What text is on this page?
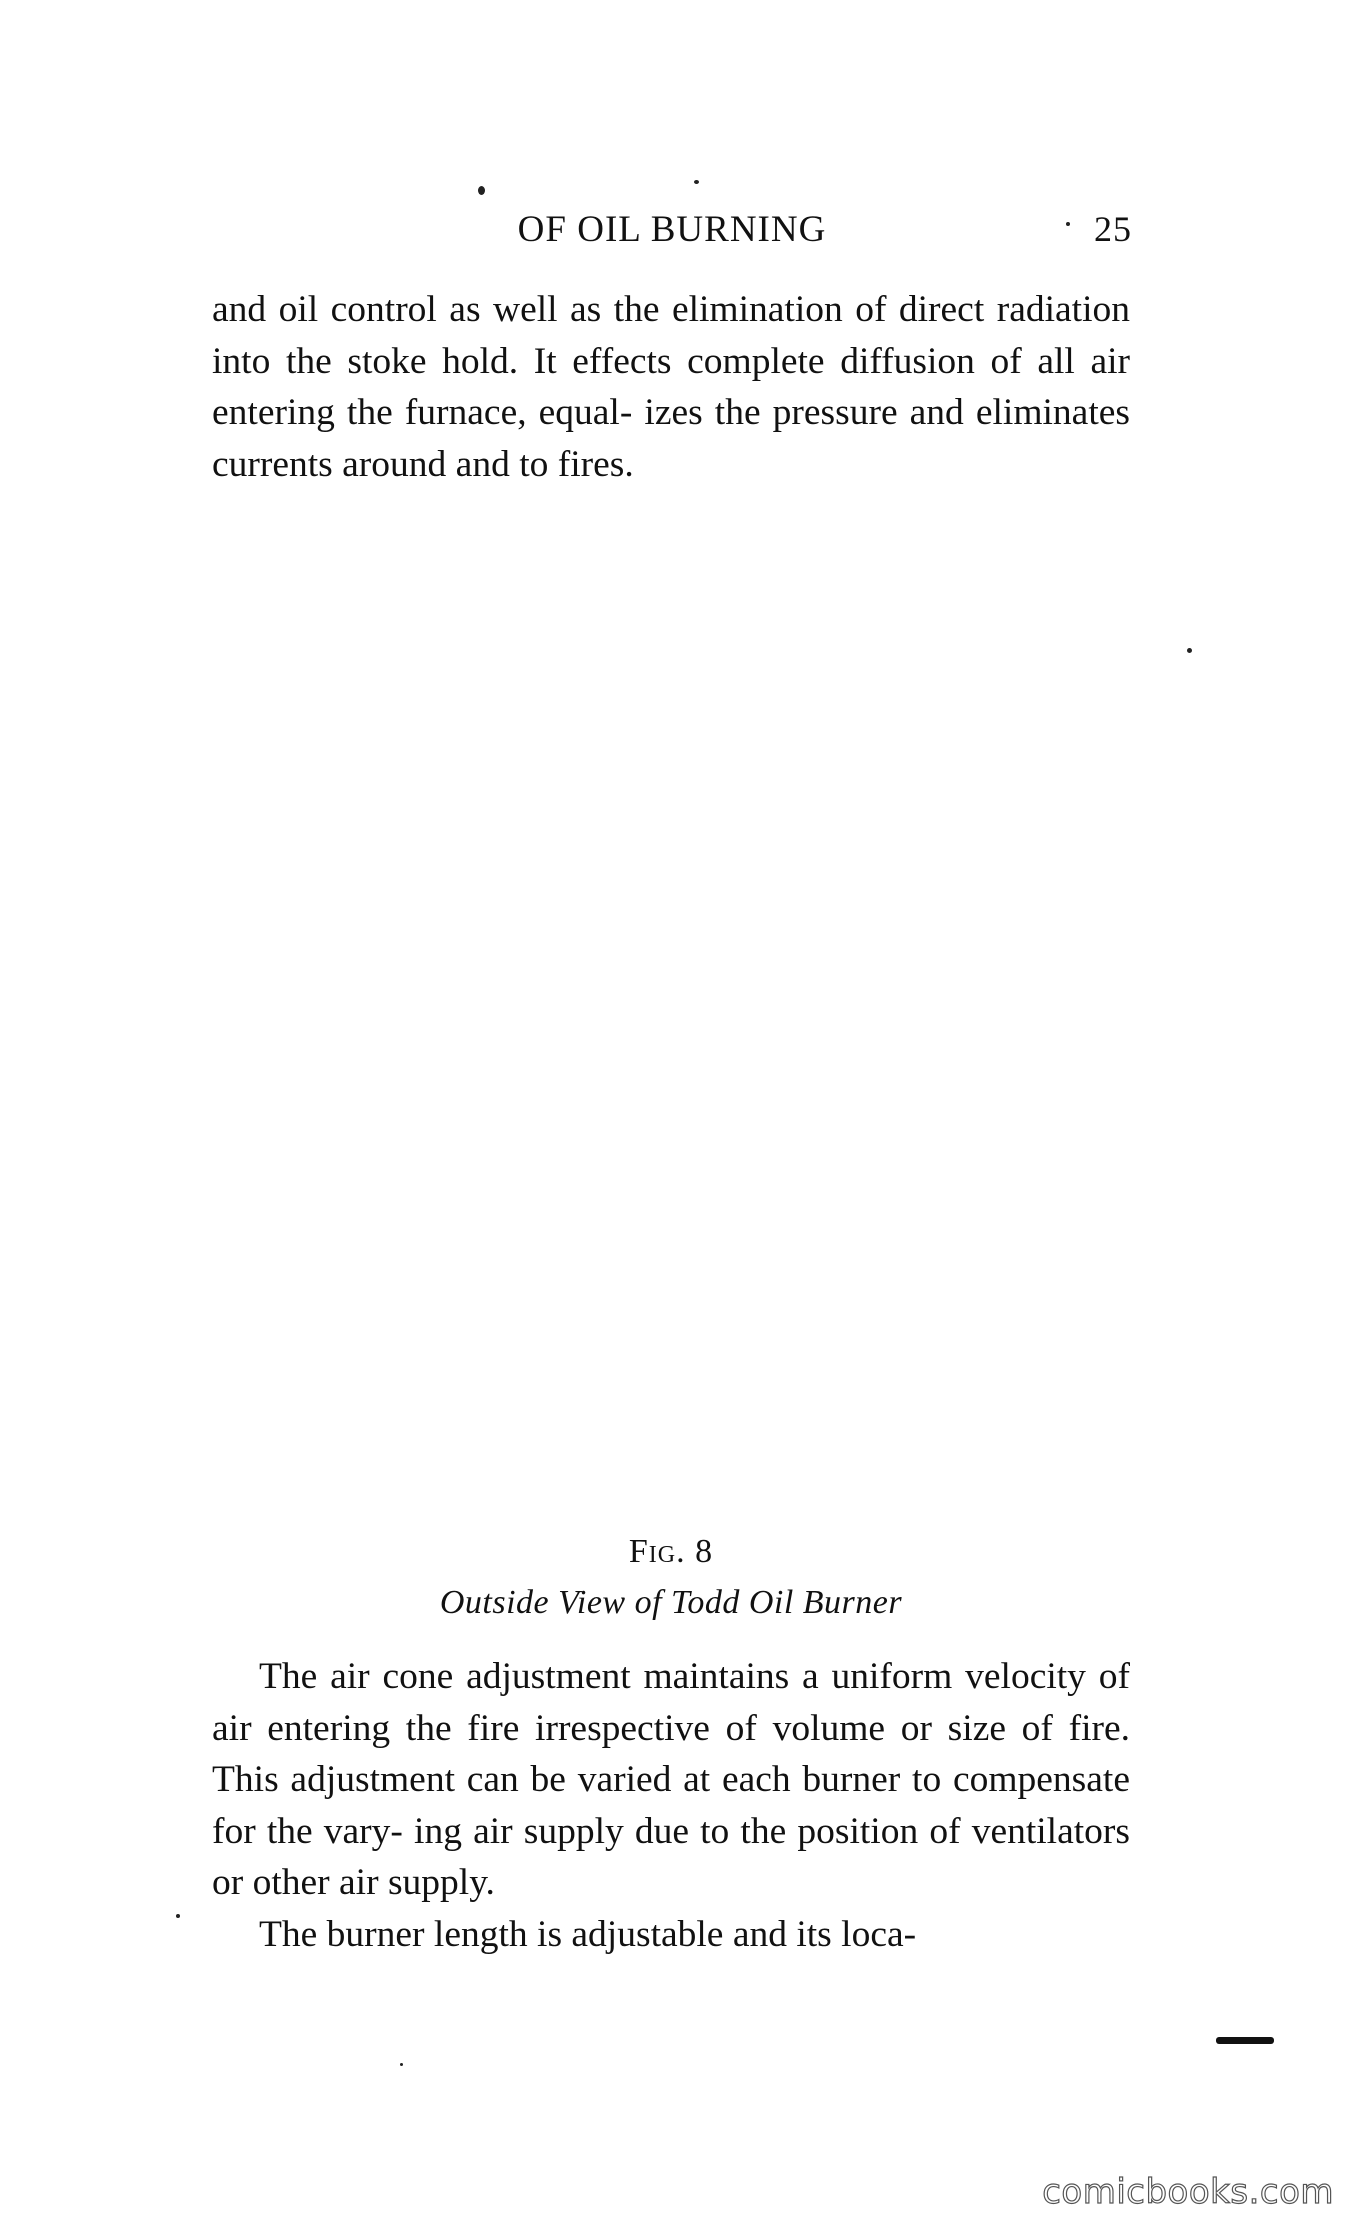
OF OIL BURNING	25

and oil control as well as the elimination of direct radiation into the stoke hold. It effects complete diffusion of all air entering the furnace, equal- izes the pressure and eliminates currents around and to fires.

Fig. 8
Outside View of Todd Oil Burner

The air cone adjustment maintains a uniform velocity of air entering the fire irrespective of volume or size of fire. This adjustment can be varied at each burner to compensate for the vary- ing air supply due to the position of ventilators or other air supply.

The burner length is adjustable and its loca-

comicbooks.com
